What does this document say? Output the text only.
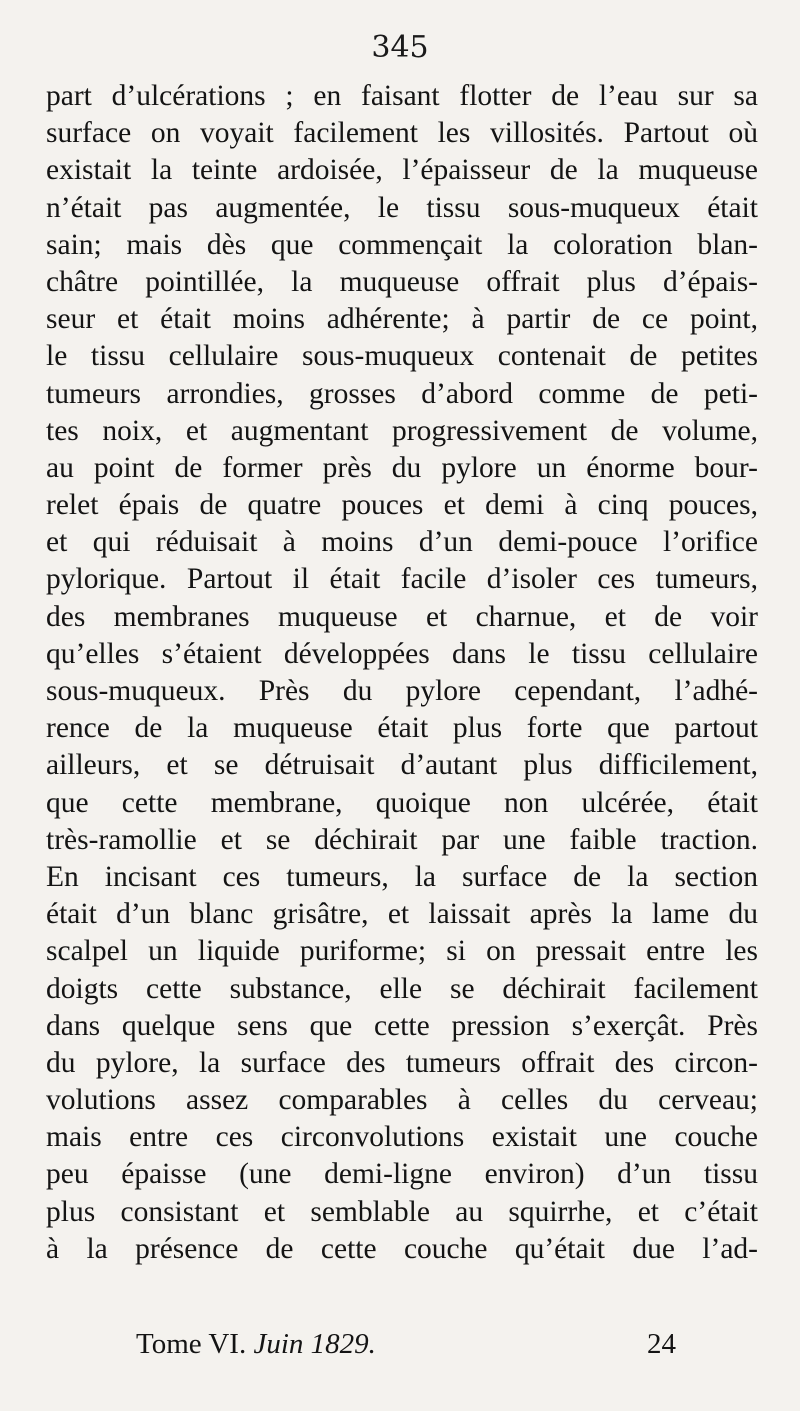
345
part d’ulcérations ; en faisant flotter de l’eau sur sa
surface on voyait facilement les villosités. Partout où
existait la teinte ardoisée, l’épaisseur de la muqueuse
n’était pas augmentée, le tissu sous-muqueux était
sain; mais dès que commençait la coloration blan-
châtre pointillée, la muqueuse offrait plus d’épais-
seur et était moins adhérente; à partir de ce point,
le tissu cellulaire sous-muqueux contenait de petites
tumeurs arrondies, grosses d’abord comme de peti-
tes noix, et augmentant progressivement de volume,
au point de former près du pylore un énorme bour-
relet épais de quatre pouces et demi à cinq pouces,
et qui réduisait à moins d’un demi-pouce l’orifice
pylorique. Partout il était facile d’isoler ces tumeurs,
des membranes muqueuse et charnue, et de voir
qu’elles s’étaient développées dans le tissu cellulaire
sous-muqueux. Près du pylore cependant, l’adhé-
rence de la muqueuse était plus forte que partout
ailleurs, et se détruisait d’autant plus difficilement,
que cette membrane, quoique non ulcérée, était
très-ramollie et se déchirait par une faible traction.
En incisant ces tumeurs, la surface de la section
était d’un blanc grisâtre, et laissait après la lame du
scalpel un liquide puriforme; si on pressait entre les
doigts cette substance, elle se déchirait facilement
dans quelque sens que cette pression s’exerçât. Près
du pylore, la surface des tumeurs offrait des circon-
volutions assez comparables à celles du cerveau;
mais entre ces circonvolutions existait une couche
peu épaisse (une demi-ligne environ) d’un tissu
plus consistant et semblable au squirrhe, et c’était
à la présence de cette couche qu’était due l’ad-
Tome VI. Juin 1829.	24
